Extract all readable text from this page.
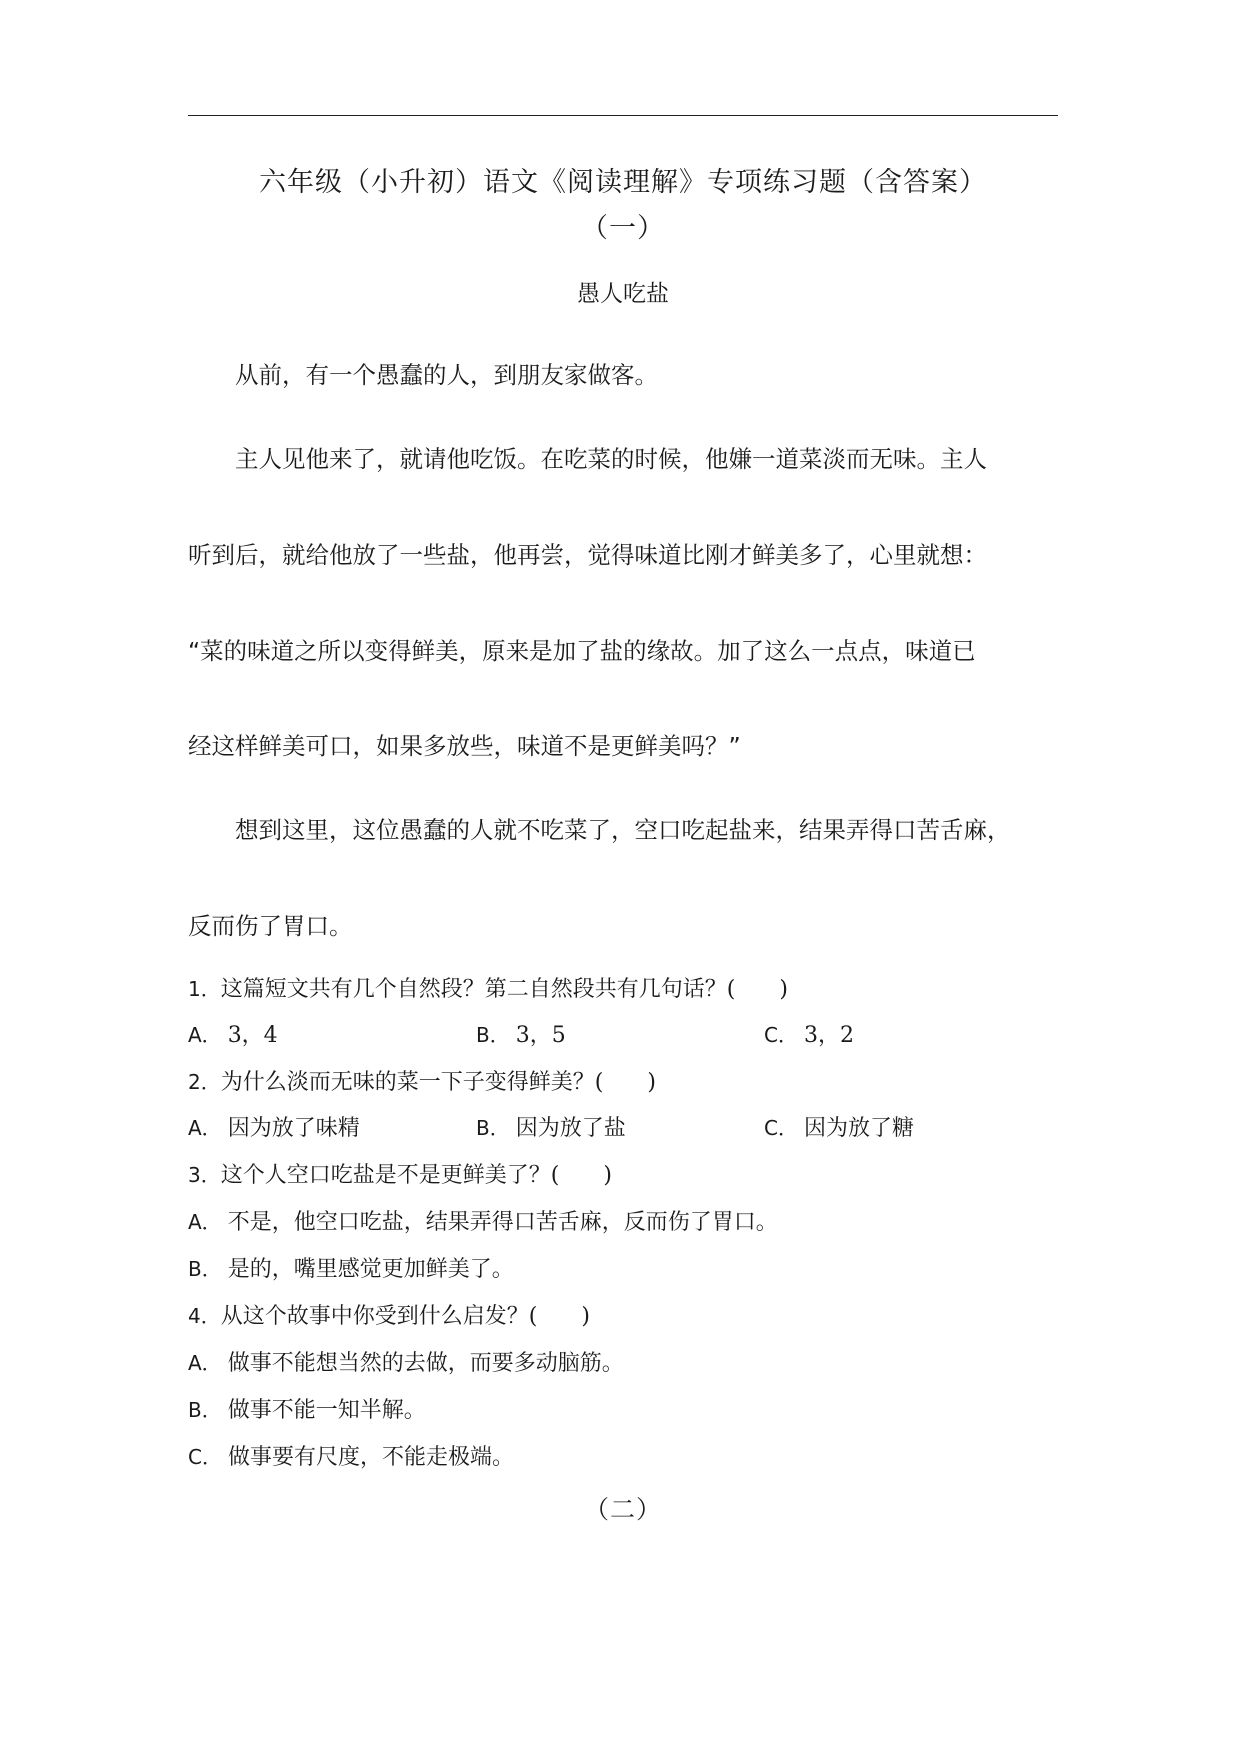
六年级（小升初）语文《阅读理解》专项练习题（含答案）
（一）
愚人吃盐
　　从前，有一个愚蠢的人，到朋友家做客。
　　主人见他来了，就请他吃饭。在吃菜的时候，他嫌一道菜淡而无味。主人
听到后，就给他放了一些盐，他再尝，觉得味道比刚才鲜美多了，心里就想：
“菜的味道之所以变得鲜美，原来是加了盐的缘故。加了这么一点点，味道已
经这样鲜美可口，如果多放些，味道不是更鲜美吗？”
　　想到这里，这位愚蠢的人就不吃菜了，空口吃起盐来，结果弄得口苦舌麻，
反而伤了胃口。
1．这篇短文共有几个自然段？第二自然段共有几句话？(　　)
A． 3，4	B． 3，5	C． 3，2
2．为什么淡而无味的菜一下子变得鲜美？(　　)
A． 因为放了味精	B． 因为放了盐	C． 因为放了糖
3．这个人空口吃盐是不是更鲜美了？(　　)
A． 不是，他空口吃盐，结果弄得口苦舌麻，反而伤了胃口。
B． 是的，嘴里感觉更加鲜美了。
4．从这个故事中你受到什么启发？(　　)
A． 做事不能想当然的去做，而要多动脑筋。
B． 做事不能一知半解。
C． 做事要有尺度，不能走极端。
（二）
